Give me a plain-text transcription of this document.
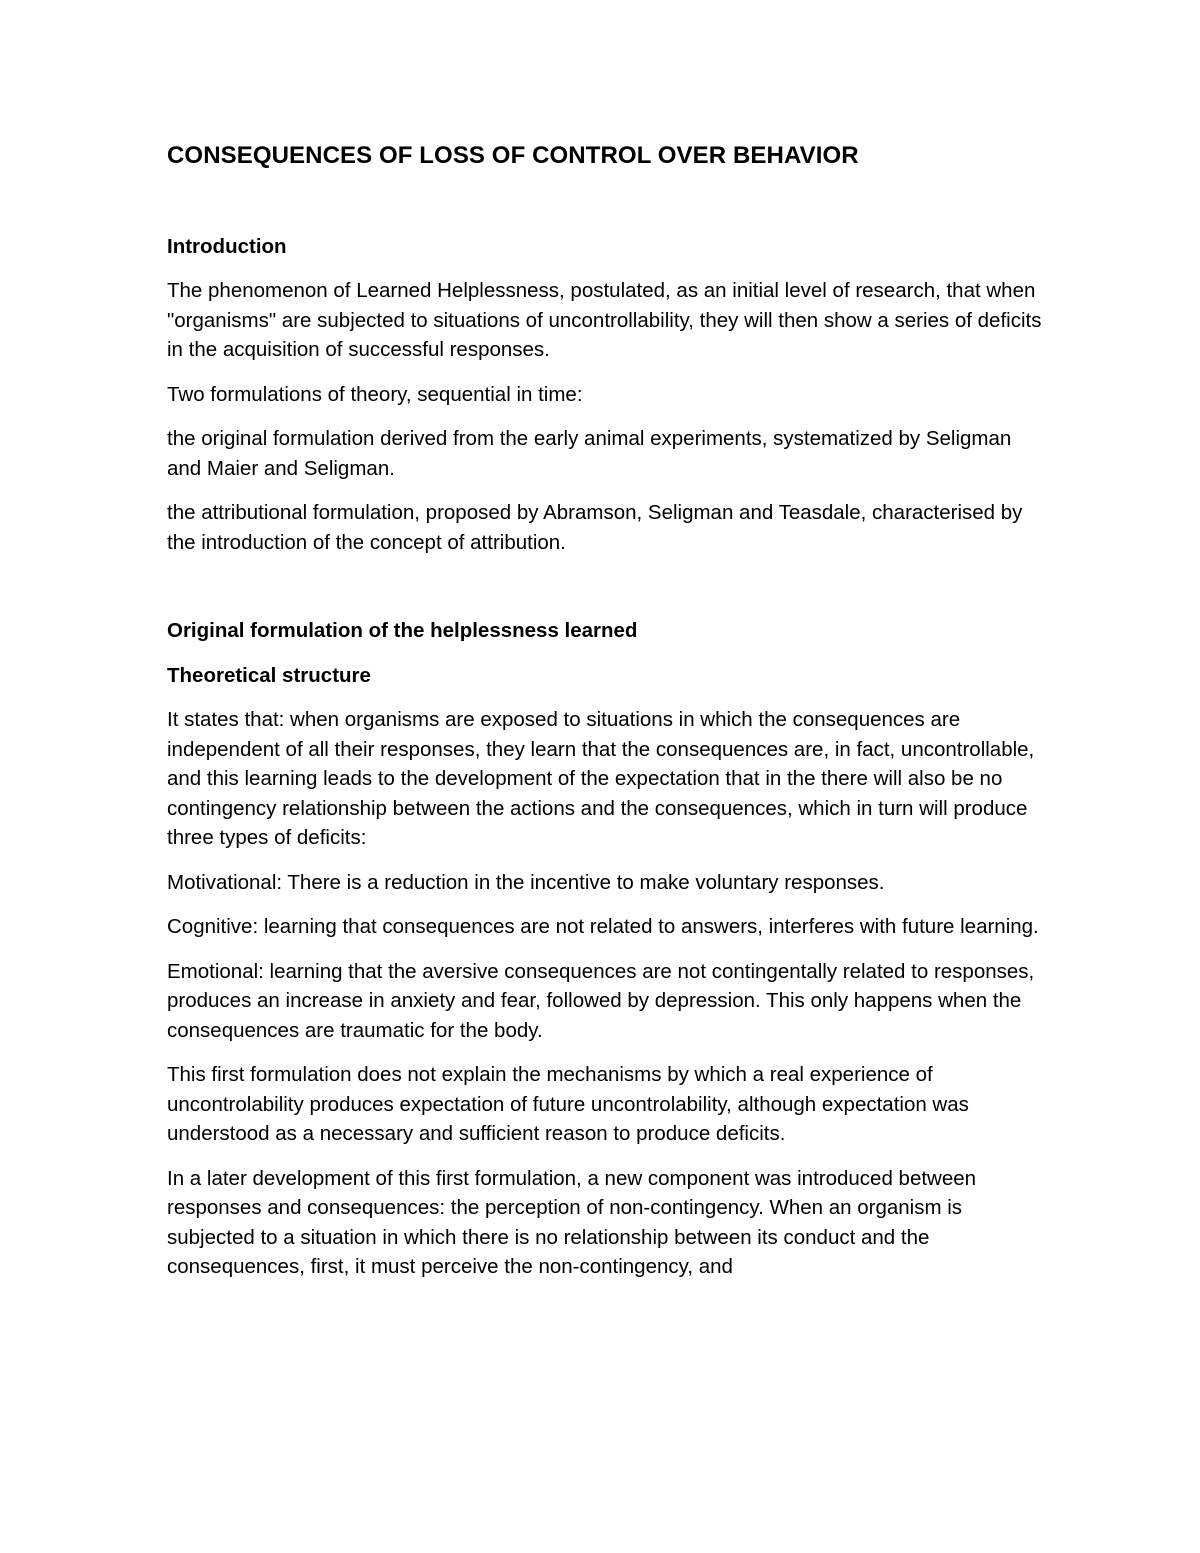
CONSEQUENCES OF LOSS OF CONTROL OVER BEHAVIOR
Introduction

The phenomenon of Learned Helplessness, postulated, as an initial level of research, that when "organisms" are subjected to situations of uncontrollability, they will then show a series of deficits in the acquisition of successful responses.

Two formulations of theory, sequential in time:

the original formulation derived from the early animal experiments, systematized by Seligman and Maier and Seligman.

the attributional formulation, proposed by Abramson, Seligman and Teasdale, characterised by the introduction of the concept of attribution.

Original formulation of the helplessness learned
Theoretical structure

It states that: when organisms are exposed to situations in which the consequences are independent of all their responses, they learn that the consequences are, in fact, uncontrollable, and this learning leads to the development of the expectation that in the there will also be no contingency relationship between the actions and the consequences, which in turn will produce three types of deficits:

Motivational: There is a reduction in the incentive to make voluntary responses.

Cognitive: learning that consequences are not related to answers, interferes with future learning.

Emotional: learning that the aversive consequences are not contingentally related to responses, produces an increase in anxiety and fear, followed by depression. This only happens when the consequences are traumatic for the body.

This first formulation does not explain the mechanisms by which a real experience of uncontrolability produces expectation of future uncontrolability, although expectation was understood as a necessary and sufficient reason to produce deficits.

In a later development of this first formulation, a new component was introduced between responses and consequences: the perception of non-contingency. When an organism is subjected to a situation in which there is no relationship between its conduct and the consequences, first, it must perceive the non-contingency, and
